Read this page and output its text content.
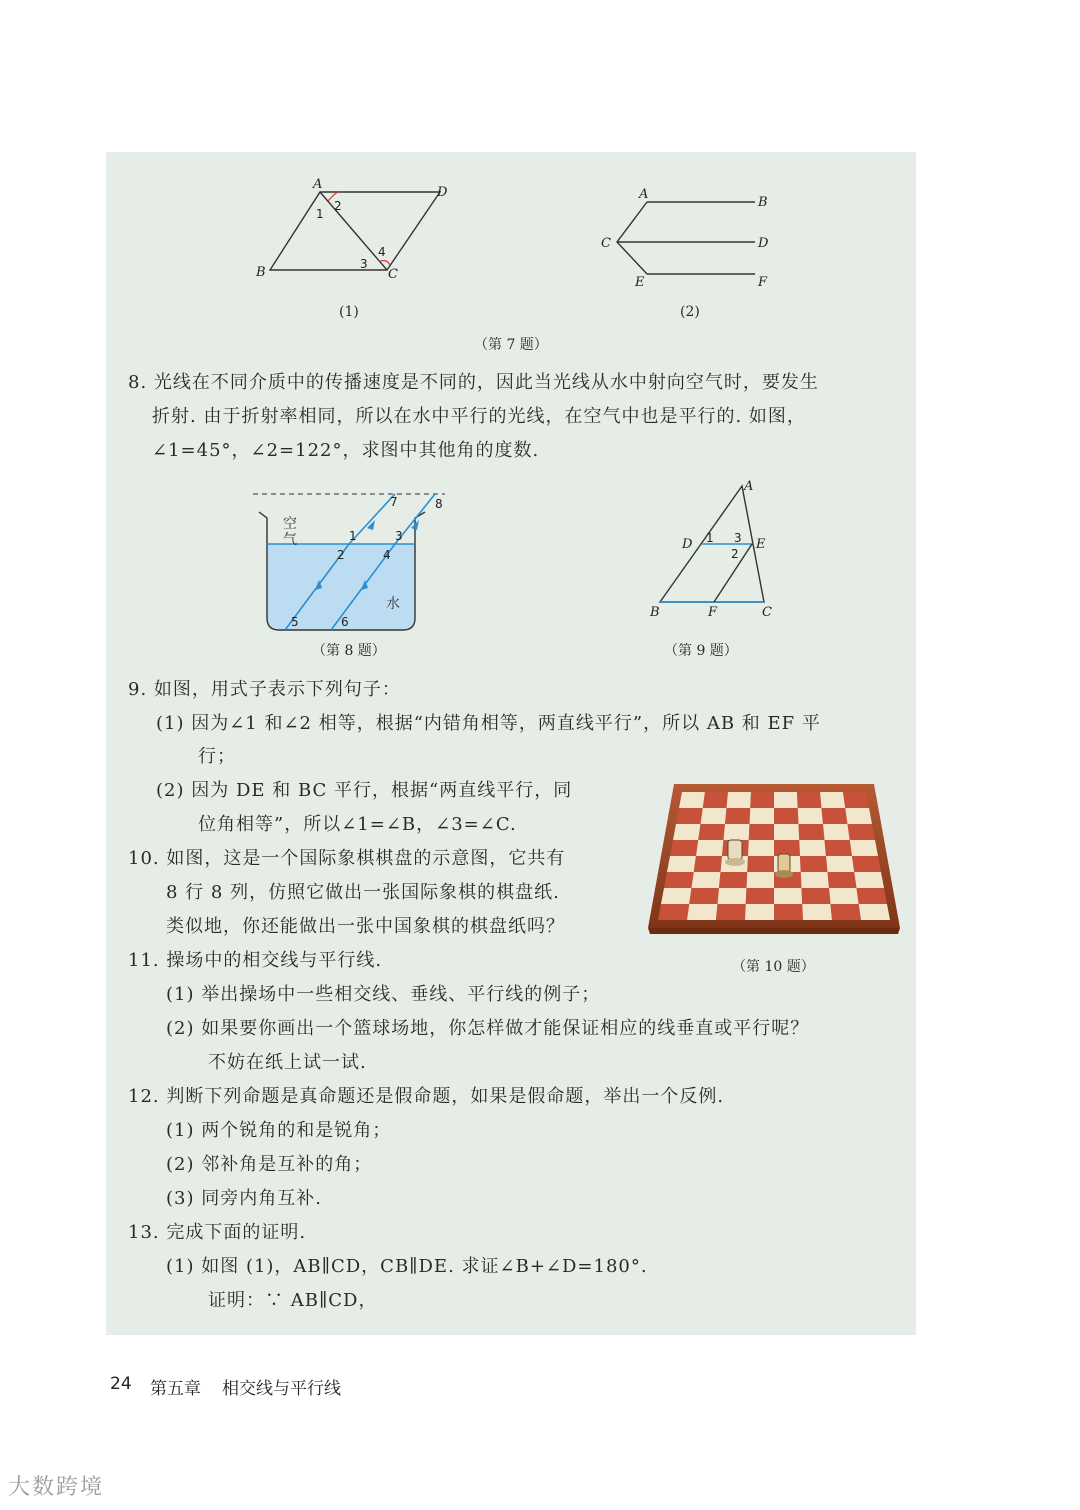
A
D
B	C
1
2
3
4
(1)
A
B
C	D
E	F
(2)
（第 7 题）
8. 光线在不同介质中的传播速度是不同的，因此当光线从水中射向空气时，要发生
折射. 由于折射率相同，所以在水中平行的光线，在空气中也是平行的. 如图，
∠1=45°，∠2=122°，求图中其他角的度数.
空
气
水
1
2
3
4
5	6
7	8
（第 8 题）
A
D	E
B	F	C
1
2
3
（第 9 题）
9. 如图，用式子表示下列句子：
(1) 因为∠1 和∠2 相等，根据“内错角相等，两直线平行”，所以 AB 和 EF 平
行；
(2) 因为 DE 和 BC 平行，根据“两直线平行，同
位角相等”，所以∠1=∠B，∠3=∠C.
（第 10 题）
10. 如图，这是一个国际象棋棋盘的示意图，它共有
8 行 8 列，仿照它做出一张国际象棋的棋盘纸.
类似地，你还能做出一张中国象棋的棋盘纸吗？
11. 操场中的相交线与平行线.
(1) 举出操场中一些相交线、垂线、平行线的例子；
(2) 如果要你画出一个篮球场地，你怎样做才能保证相应的线垂直或平行呢？
不妨在纸上试一试.
12. 判断下列命题是真命题还是假命题，如果是假命题，举出一个反例.
(1) 两个锐角的和是锐角；
(2) 邻补角是互补的角；
(3) 同旁内角互补.
13. 完成下面的证明.
(1) 如图 (1)，AB∥CD，CB∥DE. 求证∠B+∠D=180°.
证明：∵ AB∥CD，
24 第五章 相交线与平行线
大数跨境
